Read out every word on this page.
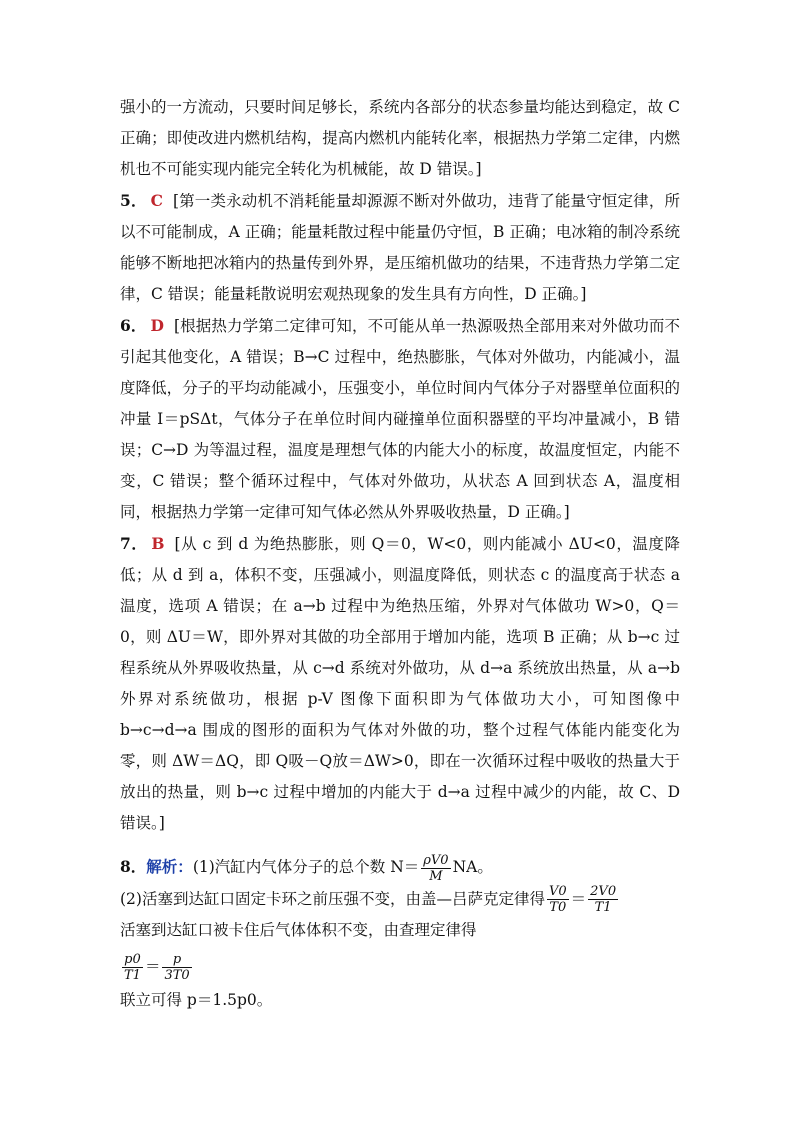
强小的一方流动，只要时间足够长，系统内各部分的状态参量均能达到稳定，故 C 正确；即使改进内燃机结构，提高内燃机内能转化率，根据热力学第二定律，内燃机也不可能实现内能完全转化为机械能，故 D 错误。]

5． C [第一类永动机不消耗能量却源源不断对外做功，违背了能量守恒定律，所以不可能制成，A 正确；能量耗散过程中能量仍守恒，B 正确；电冰箱的制冷系统能够不断地把冰箱内的热量传到外界，是压缩机做功的结果，不违背热力学第二定律，C 错误；能量耗散说明宏观热现象的发生具有方向性，D 正确。]

6． D [根据热力学第二定律可知，不可能从单一热源吸热全部用来对外做功而不引起其他变化，A 错误；B→C 过程中，绝热膨胀，气体对外做功，内能减小，温度降低，分子的平均动能减小，压强变小，单位时间内气体分子对器壁单位面积的冲量 I＝pSΔt，气体分子在单位时间内碰撞单位面积器壁的平均冲量减小，B 错误；C→D 为等温过程，温度是理想气体的内能大小的标度，故温度恒定，内能不变，C 错误；整个循环过程中，气体对外做功，从状态 A 回到状态 A，温度相同，根据热力学第一定律可知气体必然从外界吸收热量，D 正确。]

7． B [从 c 到 d 为绝热膨胀，则 Q＝0，W<0，则内能减小 ΔU<0，温度降低；从 d 到 a，体积不变，压强减小，则温度降低，则状态 c 的温度高于状态 a 温度，选项 A 错误；在 a→b 过程中为绝热压缩，外界对气体做功 W>0，Q＝0，则 ΔU＝W，即外界对其做的功全部用于增加内能，选项 B 正确；从 b→c 过程系统从外界吸收热量，从 c→d 系统对外做功，从 d→a 系统放出热量，从 a→b 外界对系统做功，根据 p-V 图像下面积即为气体做功大小，可知图像中 b→c→d→a 围成的图形的面积为气体对外做的功，整个过程气体能内能变化为零，则 ΔW＝ΔQ，即 Q吸－Q放＝ΔW>0，即在一次循环过程中吸收的热量大于放出的热量，则 b→c 过程中增加的内能大于 d→a 过程中减少的内能，故 C、D 错误。]

8．解析：(1)汽缸内气体分子的总个数 $N= \frac{\rho V0}{M}$ NA。

(2)活塞到达缸口固定卡环之前压强不变，由盖—吕萨克定律得 $\frac{V0}{T0} = \frac{2V0}{T1}$

活塞到达缸口被卡住后气体体积不变，由查理定律得

$\frac{p0}{T1} = \frac{p}{3T0}$

联立可得 p＝1.5p0。
